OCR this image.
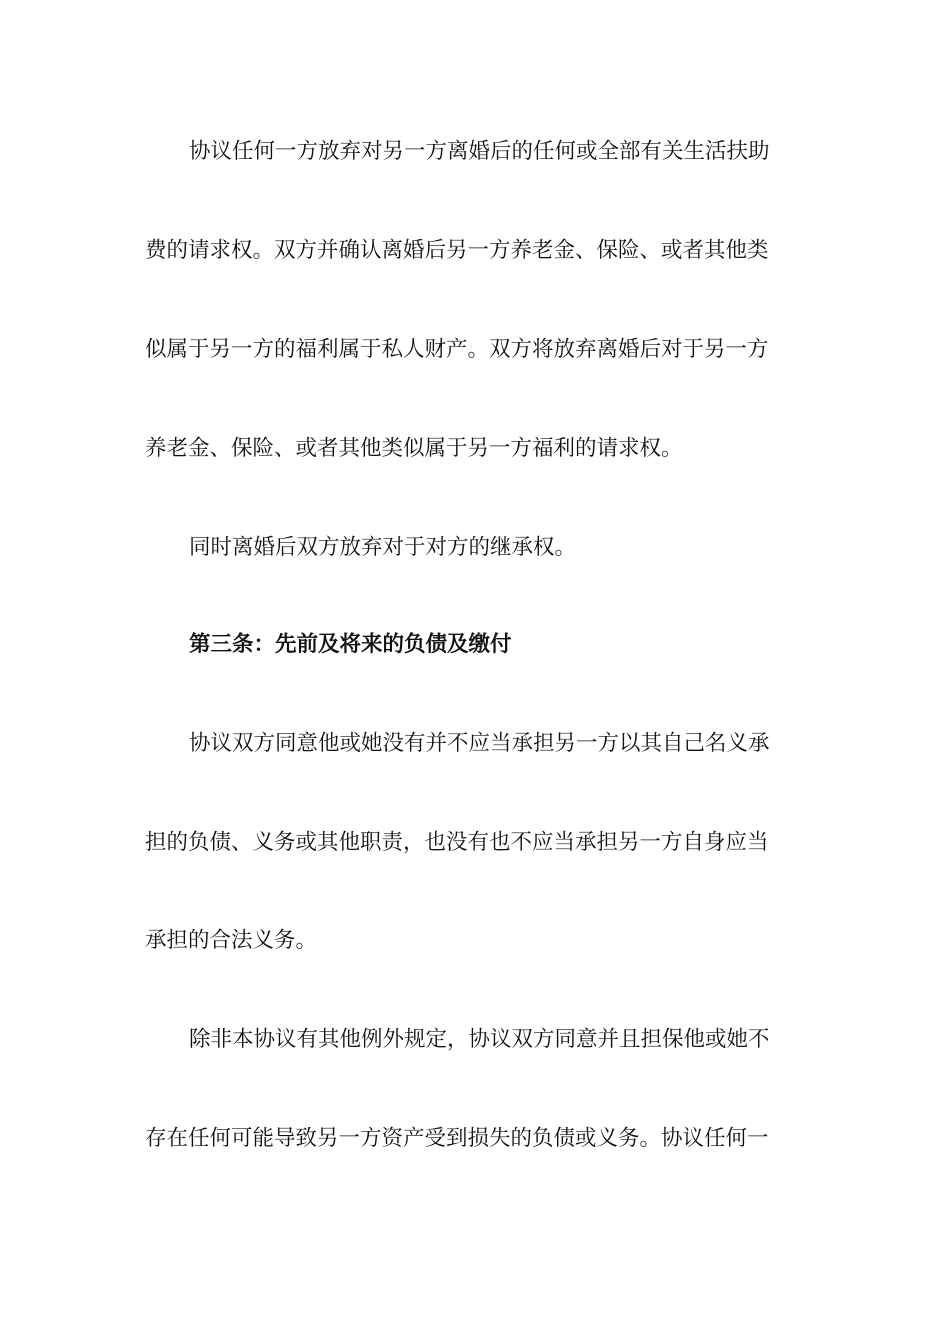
协议任何一方放弃对另一方离婚后的任何或全部有关生活扶助
费的请求权。双方并确认离婚后另一方养老金、保险、或者其他类
似属于另一方的福利属于私人财产。双方将放弃离婚后对于另一方
养老金、保险、或者其他类似属于另一方福利的请求权。
同时离婚后双方放弃对于对方的继承权。
第三条：先前及将来的负债及缴付
协议双方同意他或她没有并不应当承担另一方以其自己名义承
担的负债、义务或其他职责，也没有也不应当承担另一方自身应当
承担的合法义务。
除非本协议有其他例外规定，协议双方同意并且担保他或她不
存在任何可能导致另一方资产受到损失的负债或义务。协议任何一
